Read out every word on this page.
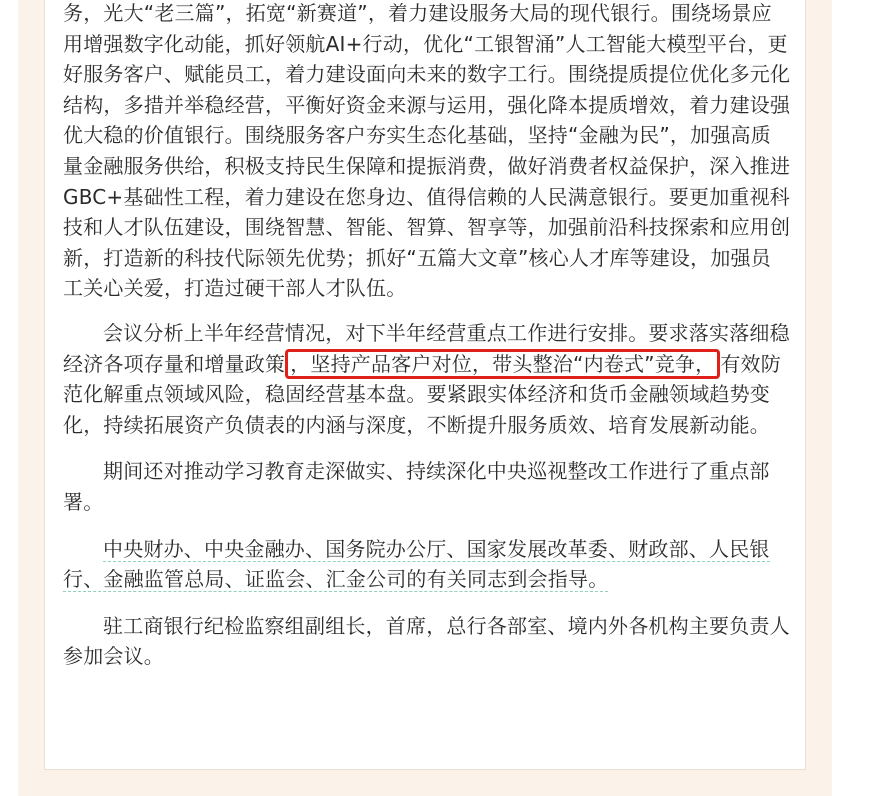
务，光大“老三篇”，拓宽“新赛道”，着力建设服务大局的现代银行。围绕场景应用增强数字化动能，抓好领航AI+行动，优化“工银智涌”人工智能大模型平台，更好服务客户、赋能员工，着力建设面向未来的数字工行。围绕提质提位优化多元化结构，多措并举稳经营，平衡好资金来源与运用，强化降本提质增效，着力建设强优大稳的价值银行。围绕服务客户夯实生态化基础，坚持“金融为民”，加强高质量金融服务供给，积极支持民生保障和提振消费，做好消费者权益保护，深入推进GBC+基础性工程，着力建设在您身边、值得信赖的人民满意银行。要更加重视科技和人才队伍建设，围绕智慧、智能、智算、智享等，加强前沿科技探索和应用创新，打造新的科技代际领先优势；抓好“五篇大文章”核心人才库等建设，加强员工关心关爱，打造过硬干部人才队伍。

会议分析上半年经营情况，对下半年经营重点工作进行安排。要求落实落细稳经济各项存量和增量政策 ，坚持产品客户对位，带头整治“内卷式”竞争， 有效防范化解重点领域风险，稳固经营基本盘。要紧跟实体经济和货币金融领域趋势变化，持续拓展资产负债表的内涵与深度，不断提升服务质效、培育发展新动能。

期间还对推动学习教育走深做实、持续深化中央巡视整改工作进行了重点部署。

中央财办、中央金融办、国务院办公厅、国家发展改革委、财政部、人民银行、金融监管总局、证监会、汇金公司的有关同志到会指导。

驻工商银行纪检监察组副组长，首席，总行各部室、境内外各机构主要负责人参加会议。
